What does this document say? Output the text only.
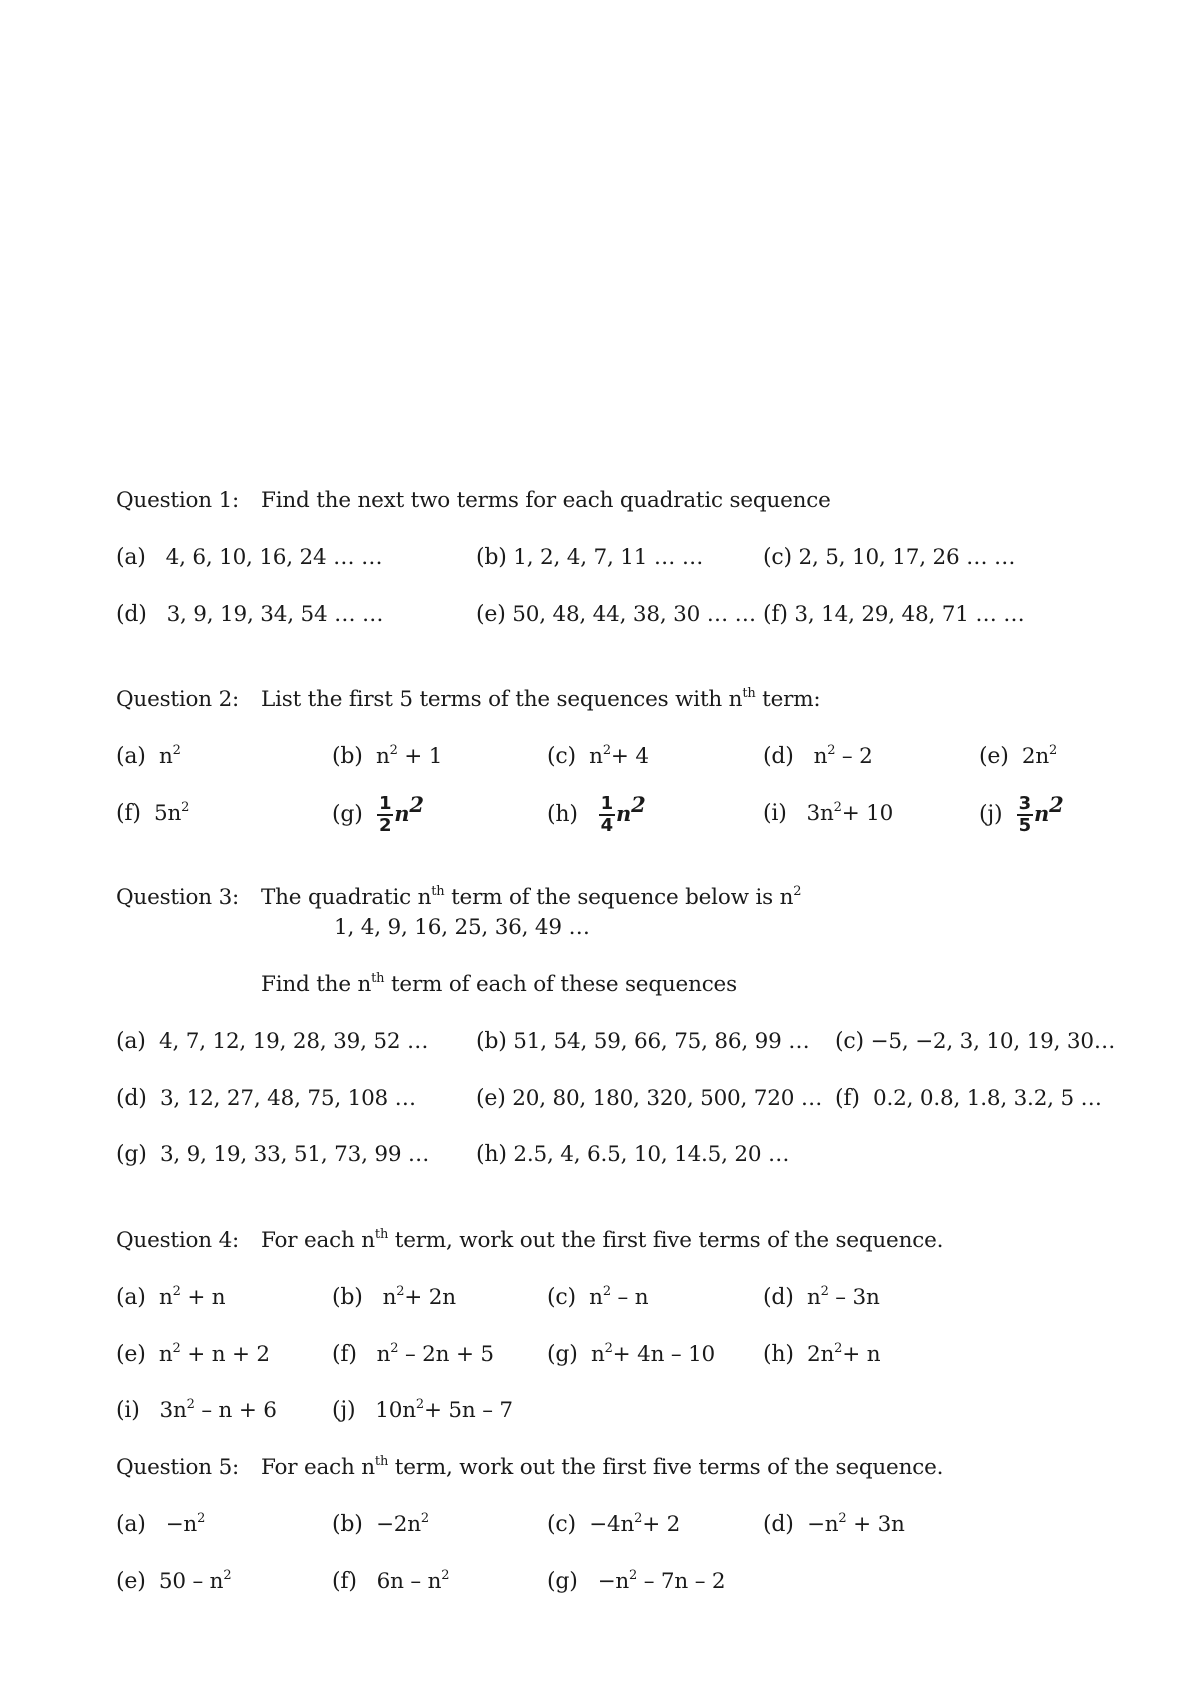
Question 1: Find the next two terms for each quadratic sequence
(a) 4, 6, 10, 16, 24 … …	(b) 1, 2, 4, 7, 11 … …	(c) 2, 5, 10, 17, 26 … …
(d) 3, 9, 19, 34, 54 … …	(e) 50, 48, 44, 38, 30 … … (f) 3, 14, 29, 48, 71 … …
Question 2: List the first 5 terms of the sequences with $n^{th}$ term:
(a) $n^2$	(b) $n^2 + 1$	(c) $n^2+ 4$	(d) $n^2 - 2$	(e) $2n^2$
(f) $5n^2$	$(g) \frac{1}{2} n^2$	$(h) \frac{1}{4} n^2$	(i) $3n^2+ 10$	$(j) \frac{3}{5} n^2$
Question 3: The quadratic $n^{th}$ term of the sequence below is $n^2$
1, 4, 9, 16, 25, 36, 49 …
Find the $n^{th}$ term of each of these sequences
(a) 4, 7, 12, 19, 28, 39, 52 … (b) 51, 54, 59, 66, 75, 86, 99 … (c) −5, −2, 3, 10, 19, 30…
(d) 3, 12, 27, 48, 75, 108 …	(e) 20, 80, 180, 320, 500, 720 … (f) 0.2, 0.8, 1.8, 3.2, 5 …
(g) 3, 9, 19, 33, 51, 73, 99 … (h) 2.5, 4, 6.5, 10, 14.5, 20 …
Question 4: For each $n^{th}$ term, work out the first five terms of the sequence.
(a) $n^2 + n$	(b) $n^2+ 2n$	(c) $n^2$ – n	(d) $n^2 - 3n$
(e) $n^2 + n + 2$	(f) $n^2 - 2n + 5$ (g) $n^2+ 4n - 10$ (h) $2n^2+ n$
(i) $3n^2 - n + 6$	(j) $10n^2+ 5n - 7$
Question 5: For each $n^{th}$ term, work out the first five terms of the sequence.
$(a) -n^2$	$(b) -2n^2$	$(c) -4n^2+ 2$	$(d) -n^2 + 3n$
(e) $50 - n^2$	(f) $6n - n^2$	$(g) -n^2 - 7n - 2$
